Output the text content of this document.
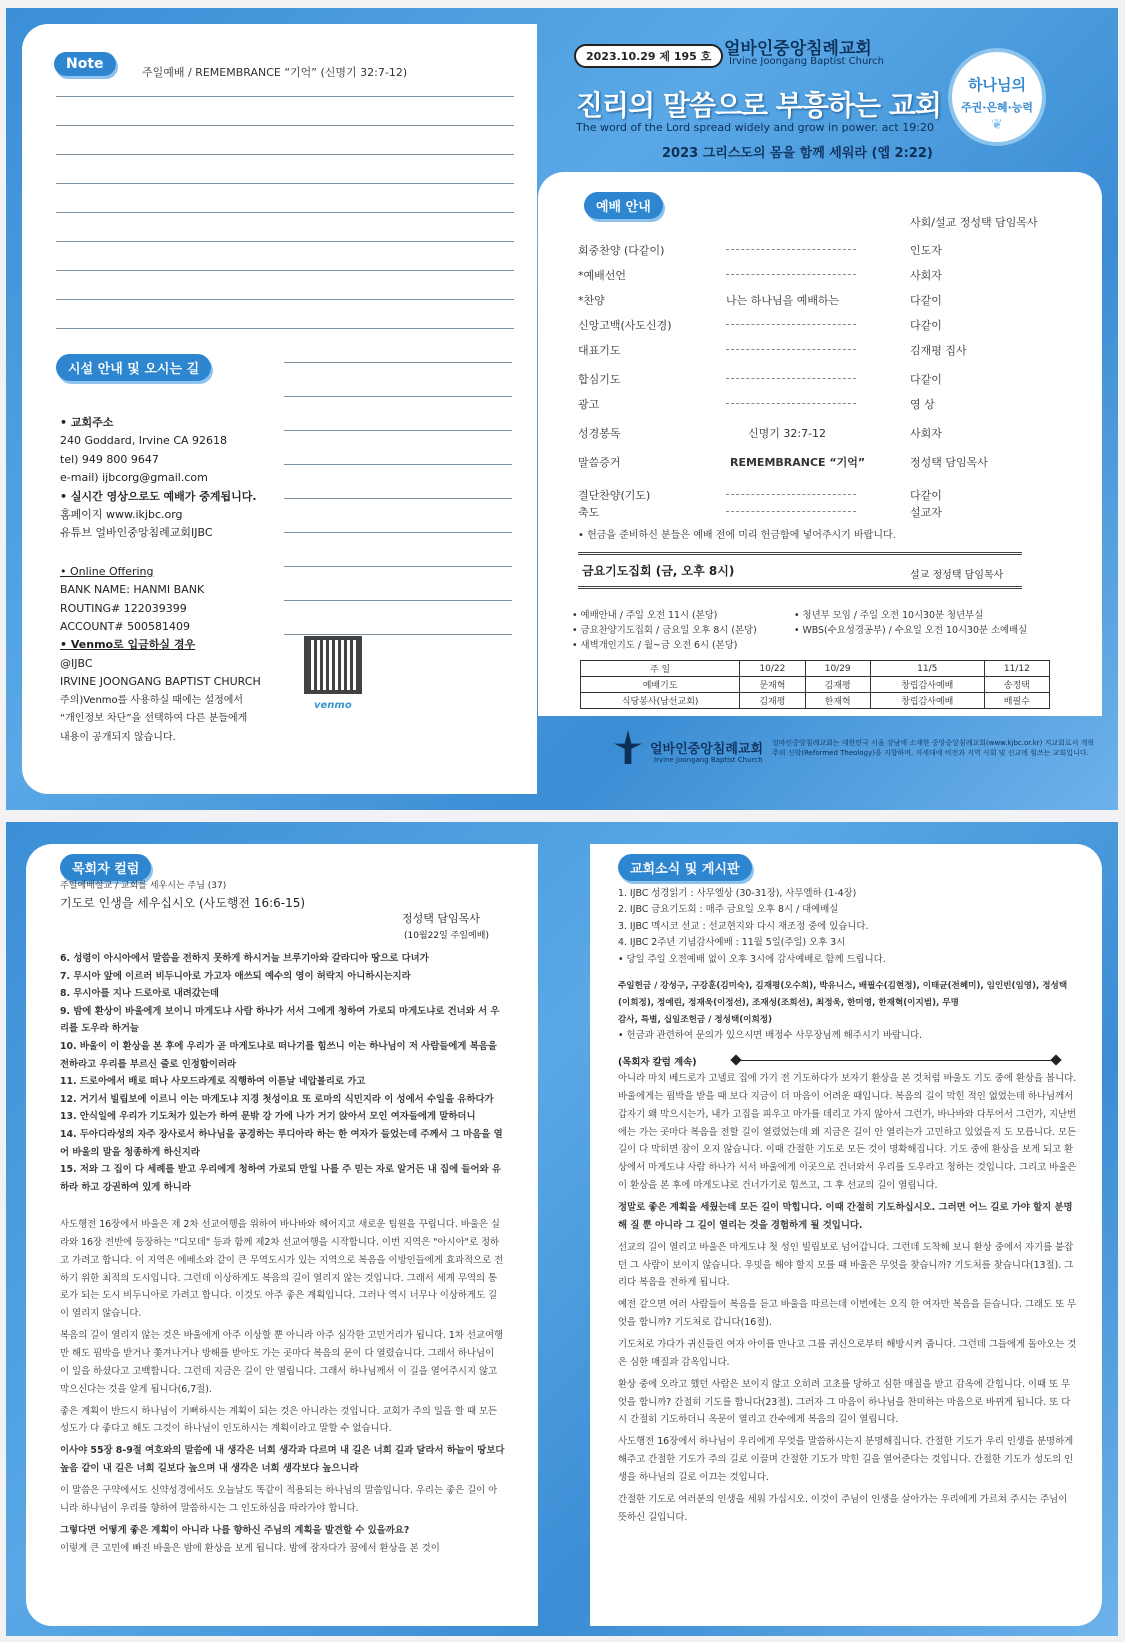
Note
주일예배 / REMEMBRANCE “기억” (신명기 32:7-12)
시설 안내 및 오시는 길
• 교회주소
240 Goddard, Irvine CA 92618
tel) 949 800 9647
e-mail) ijbcorg@gmail.com
• 실시간 영상으로도 예배가 중계됩니다.
홈페이지 www.ikjbc.org
유튜브 얼바인중앙침례교회IJBC
• Online Offering
BANK NAME: HANMI BANK
ROUTING# 122039399
ACCOUNT# 500581409
• Venmo로 입금하실 경우
@IJBC
IRVINE JOONGANG BAPTIST CHURCH
주의)Venmo를 사용하실 때에는 설정에서
“개인정보 차단”을 선택하여 다른 분들에게
내용이 공개되지 않습니다.
venmo
2023.10.29 제 195 호 얼바인중앙침례교회
Irvine Joongang Baptist Church
진리의 말씀으로 부흥하는 교회
The word of the Lord spread widely and grow in power. act 19:20
2023 그리스도의 몸을 함께 세워라 (엡 2:22)
하나님의
주권·은혜·능력
❦
예배 안내
사회/설교 정성택 담임목사
회중찬양 (다같이)	인도자
*예배선언	사회자
*찬양	나는 하나님을 예배하는	다같이
신앙고백(사도신경)	다같이
대표기도	김재평 집사
합심기도	다같이
광고	영 상
성경봉독	신명기 32:7-12	사회자
말씀증거	REMEMBRANCE “기억”	정성택 담임목사
결단찬양(기도)	다같이
축도	설교자
• 헌금을 준비하신 분들은 예배 전에 미리 헌금함에 넣어주시기 바랍니다.
금요기도집회 (금, 오후 8시)	설교 정성택 담임목사
• 예배안내 / 주일 오전 11시 (본당)
• 금요찬양기도집회 / 금요일 오후 8시 (본당)
• 새벽개인기도 / 월~금 오전 6시 (본당)
• 청년부 모임 / 주일 오전 10시30분 청년부실
• WBS(수요성경공부) / 수요일 오전 10시30분 소예배실
주 일	10/22	10/29	11/5	11/12
예배기도	문재혁	김재평	창립감사예배	송정택
식당봉사(남선교회)	김재평	한재혁	창립감사예배	배필수
얼바인중앙침례교회
Irvine Joongang Baptist Church
얼바인중앙침례교회는 대한민국 서울 강남에 소재한 중앙중앙침례교회(www.kjbc.or.kr) 지교회로서 개혁주의 신학(Reformed Theology)을 지향하며, 지세대에 비전과 지역 사회 및 선교에 힘쓰는 교회입니다.
목회자 컬럼
주일예배설교 / 교회를 세우시는 주님 (37)
기도로 인생을 세우십시오 (사도행전 16:6-15)
정성택 담임목사
(10월22일 주일예배)
6. 성령이 아시아에서 말씀을 전하지 못하게 하시거늘 브루기아와 갈라디아 땅으로 다녀가
7. 무시아 앞에 이르러 비두니아로 가고자 애쓰되 예수의 영이 허락지 아니하시는지라
8. 무시아를 지나 드로아로 내려갔는데
9. 밤에 환상이 바울에게 보이니 마게도냐 사람 하나가 서서 그에게 청하여 가로되 마게도냐로 건너와 서 우리를 도우라 하거늘
10. 바울이 이 환상을 본 후에 우리가 곧 마게도냐로 떠나기를 힘쓰니 이는 하나님이 저 사람들에게 복음을 전하라고 우리를 부르신 줄로 인정함이러라
11. 드로아에서 배로 떠나 사모드라게로 직행하여 이튿날 네압볼리로 가고
12. 거기서 빌립보에 이르니 이는 마게도냐 지경 첫성이요 또 로마의 식민지라 이 성에서 수일을 유하다가
13. 안식일에 우리가 기도처가 있는가 하여 문밖 강 가에 나가 거기 앉아서 모인 여자들에게 말하더니
14. 두아디라성의 자주 장사로서 하나님을 공경하는 루디아라 하는 한 여자가 들었는데 주께서 그 마음을 열어 바울의 말을 청종하게 하신지라
15. 저와 그 집이 다 세례를 받고 우리에게 청하여 가로되 만일 나를 주 믿는 자로 알거든 내 집에 들어와 유하라 하고 강권하여 있게 하니라

사도행전 16장에서 바울은 제 2차 선교여행을 위하여 바나바와 헤어지고 새로운 팀원을 꾸립니다. 바울은 실라와 16장 전반에 등장하는 "디모데" 등과 함께 제2차 선교여행을 시작합니다. 이번 지역은 "아시아"로 정하고 가려고 합니다. 이 지역은 에베소와 같이 큰 무역도시가 있는 지역으로 복음을 이방인들에게 효과적으로 전하기 위한 최적의 도시입니다. 그런데 이상하게도 복음의 길이 열리지 않는 것입니다. 그래서 세계 무역의 통로가 되는 도시 비두니아로 가려고 합니다. 이것도 아주 좋은 계획입니다. 그러나 역시 너무나 이상하게도 길이 열리지 않습니다.

복음의 길이 열리지 않는 것은 바울에게 아주 이상할 뿐 아니라 아주 심각한 고민거리가 됩니다. 1차 선교여행만 해도 핍박을 받거나 쫓겨나거나 방해를 받아도 가는 곳마다 복음의 문이 다 열렸습니다. 그래서 하나님이 이 일을 하셨다고 고백합니다. 그런데 지금은 길이 안 열립니다. 그래서 하나님께서 이 길을 열어주시지 않고 막으신다는 것을 알게 됩니다(6,7절).

좋은 계획이 반드시 하나님이 기뻐하시는 계획이 되는 것은 아니라는 것입니다. 교회가 주의 일을 할 때 모든 성도가 다 좋다고 해도 그것이 하나님이 인도하시는 계획이라고 말할 수 없습니다.

이사야 55장 8-9절 여호와의 말씀에 내 생각은 너희 생각과 다르며 내 길은 너희 길과 달라서 하늘이 땅보다 높음 같이 내 길은 너희 길보다 높으며 내 생각은 너희 생각보다 높으니라

이 말씀은 구약에서도 신약성경에서도 오늘날도 똑같이 적용되는 하나님의 말씀입니다. 우리는 좋은 길이 아니라 하나님이 우리를 향하여 말씀하시는 그 인도하심을 따라가야 합니다.

그렇다면 어떻게 좋은 계획이 아니라 나를 향하신 주님의 계획을 발견할 수 있을까요?

이렇게 큰 고민에 빠진 바울은 밤에 환상을 보게 됩니다. 밤에 잠자다가 꿈에서 환상을 본 것이

교회소식 및 게시판
1. IJBC 성경읽기 : 사무엘상 (30-31장), 사무엘하 (1-4장)
2. IJBC 금요기도회 : 매주 금요일 오후 8시 / 대예배실
3. IJBC 멕시코 선교 : 선교현지와 다시 재조정 중에 있습니다.
4. IJBC 2주년 기념감사예배 : 11월 5일(주일) 오후 3시
• 당일 주일 오전예배 없이 오후 3시에 감사예배로 함께 드립니다.
주일헌금 / 강성구, 구강훈(김미숙), 김재평(오수희), 박유니스, 배필수(김현정), 이태균(전혜미), 임인빈(임영), 정성택(이희정), 정예린, 정재욱(이정선), 조재성(조희선), 최정욱, 한미영, 한재혁(이지범), 무명
감사, 특별, 십일조헌금 / 정성택(이희정)
• 헌금과 관련하여 문의가 있으시면 배정수 사무장님께 해주시기 바랍니다.
(목회자 칼럼 계속)

아니라 마치 베드로가 고넬료 집에 가기 전 기도하다가 보자기 환상을 본 것처럼 바울도 기도 중에 환상을 봅니다. 바울에게는 핍박을 받을 때 보다 지금이 더 마음이 어려운 때입니다. 복음의 길이 막힌 적인 없었는데 하나님께서 갑자기 왜 막으시는가, 내가 고집을 피우고 마가를 데리고 가지 않아서 그런가, 바나바와 다투어서 그런가, 지난번에는 가는 곳마다 복음을 전할 길이 열렸었는데 왜 지금은 길이 안 열리는가 고민하고 있었을지 도 모릅니다. 모든 길이 다 막히면 잠이 오지 않습니다. 이때 간절한 기도로 모든 것이 명확해집니다. 기도 중에 환상을 보게 되고 환상에서 마게도냐 사람 하나가 서서 바울에게 이곳으로 건너와서 우리를 도우라고 청하는 것입니다. 그리고 바울은 이 환상을 본 후에 마게도냐로 건너가기로 힘쓰고, 그 후 선교의 길이 열립니다.

정말로 좋은 계획을 세웠는데 모든 길이 막힙니다. 이때 간절히 기도하십시오. 그러면 어느 길로 가야 할지 분명해 질 뿐 아니라 그 길이 열리는 것을 경험하게 될 것입니다.

선교의 길이 열리고 바울은 마게도냐 첫 성인 빌립보로 넘어갑니다. 그런데 도착해 보니 환상 중에서 자기를 붙잡던 그 사람이 보이지 않습니다. 우밋을 해야 할지 모를 때 바울은 무엇을 찾습니까? 기도처를 찾습니다(13절). 그리다 복음을 전하게 됩니다.

예전 같으면 여러 사람들이 복음을 듣고 바울을 따르는데 이번에는 오직 한 여자만 복음을 듣습니다. 그래도 또 무엇을 합니까? 기도처로 갑니다(16절).

기도처로 가다가 귀신들린 여자 아이를 만나고 그를 귀신으로부터 해방시켜 줍니다. 그런데 그들에게 돌아오는 것은 심한 매질과 감옥입니다.

환상 중에 오라고 했던 사람은 보이지 않고 오히려 고초를 당하고 심한 매질을 받고 감옥에 갇힙니다. 이때 또 무엇을 합니까? 간절히 기도를 합니다(23절). 그러자 그 마음이 하나님을 찬미하는 마음으로 바뀌게 됩니다. 또 다시 간절히 기도하더니 옥문이 열리고 간수에게 복음의 길이 열립니다.

사도행전 16장에서 하나님이 우리에게 무엇을 말씀하시는지 분명해집니다. 간절한 기도가 우리 인생을 분명하게 해주고 간절한 기도가 주의 길로 이끌며 간절한 기도가 막힌 길을 열어준다는 것입니다. 간절한 기도가 성도의 인생을 하나님의 길로 이끄는 것입니다.

간절한 기도로 여러분의 인생을 세워 가십시오. 이것이 주님이 인생을 살아가는 우리에게 가르쳐 주시는 주님이 뜻하신 길입니다.
